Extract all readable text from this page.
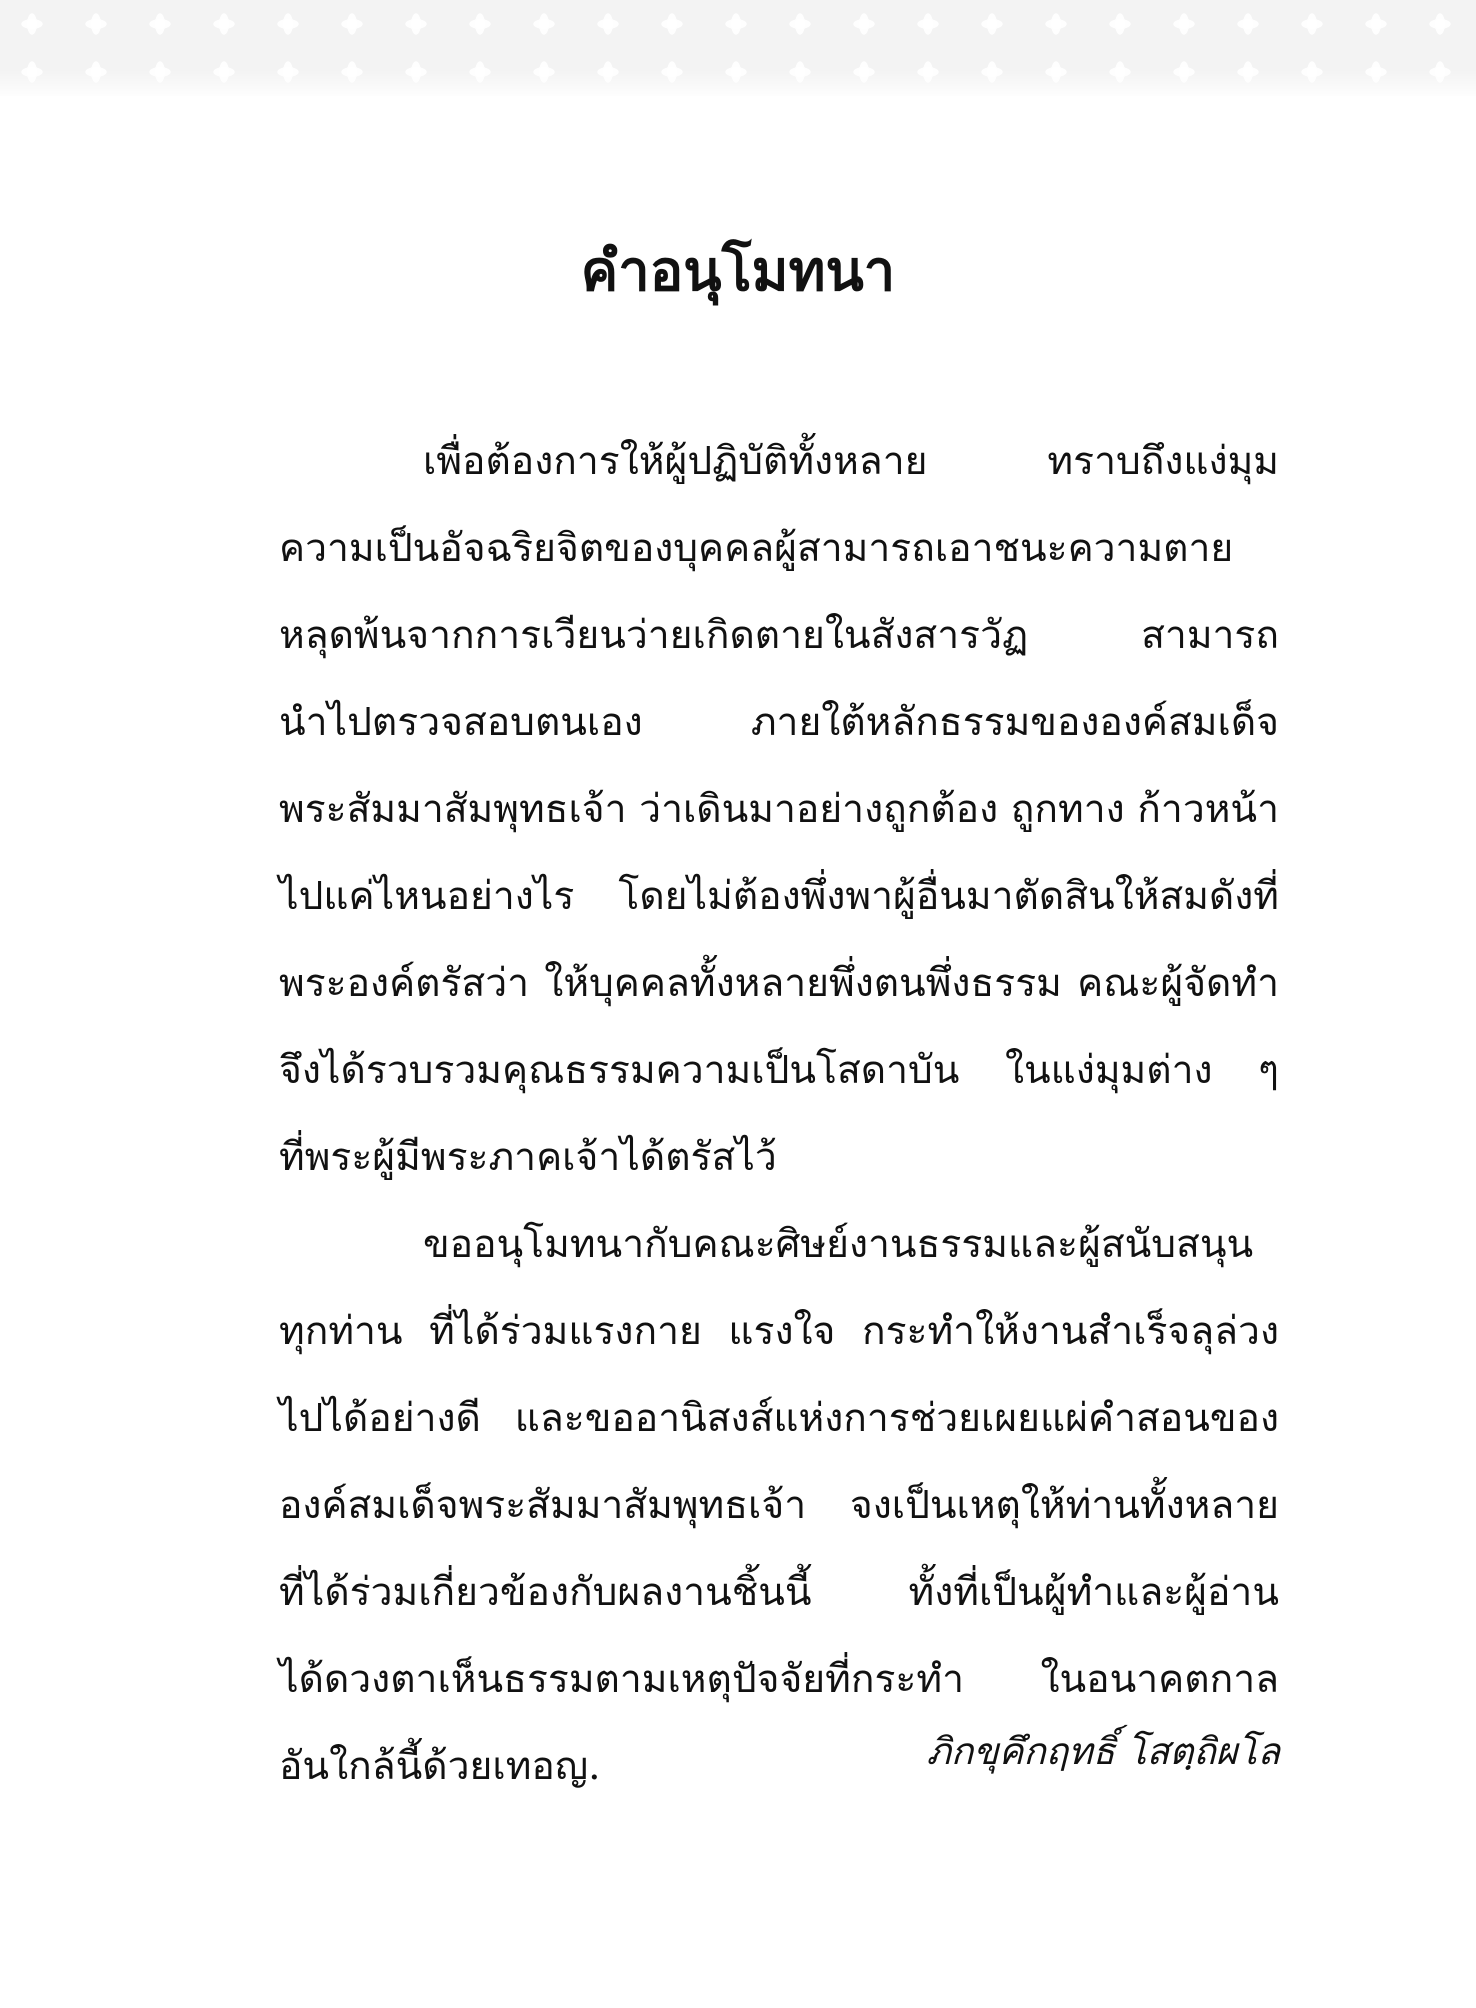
คำอนุโมทนา
เพื่อต้องการให้ผู้ปฏิบัติทั้งหลาย ทราบถึงแง่มุม
ความเป็นอัจฉริยจิตของบุคคลผู้สามารถเอาชนะความตาย
หลุดพ้นจากการเวียนว่ายเกิดตายในสังสารวัฏ สามารถ
นำไปตรวจสอบตนเอง ภายใต้หลักธรรมขององค์สมเด็จ
พระสัมมาสัมพุทธเจ้า ว่าเดินมาอย่างถูกต้อง ถูกทาง ก้าวหน้า
ไปแค่ไหนอย่างไร โดยไม่ต้องพึ่งพาผู้อื่นมาตัดสินให้สมดังที่
พระองค์ตรัสว่า ให้บุคคลทั้งหลายพึ่งตนพึ่งธรรม คณะผู้จัดทำ
จึงได้รวบรวมคุณธรรมความเป็นโสดาบัน ในแง่มุมต่าง ๆ
ที่พระผู้มีพระภาคเจ้าได้ตรัสไว้
ขออนุโมทนากับคณะศิษย์งานธรรมและผู้สนับสนุน
ทุกท่าน ที่ได้ร่วมแรงกาย แรงใจ กระทำให้งานสำเร็จลุล่วง
ไปได้อย่างดี และขออานิสงส์แห่งการช่วยเผยแผ่คำสอนของ
องค์สมเด็จพระสัมมาสัมพุทธเจ้า จงเป็นเหตุให้ท่านทั้งหลาย
ที่ได้ร่วมเกี่ยวข้องกับผลงานชิ้นนี้ ทั้งที่เป็นผู้ทำและผู้อ่าน
ได้ดวงตาเห็นธรรมตามเหตุปัจจัยที่กระทำ ในอนาคตกาล
อันใกล้นี้ด้วยเทอญ.	ภิกขุคึกฤทธิ์ โสตฺถิผโล
